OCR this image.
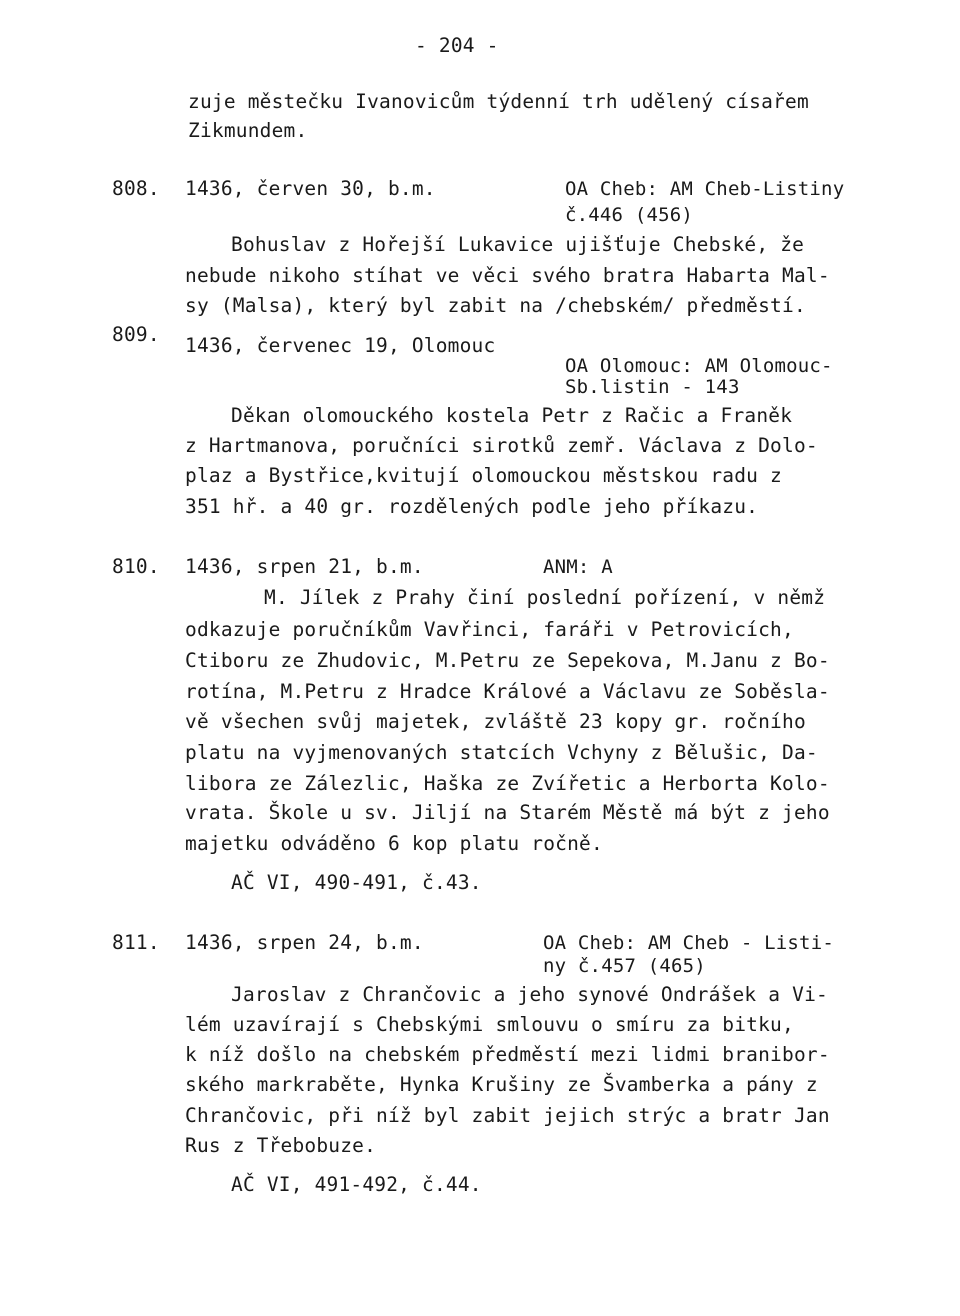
- 204 -
zuje městečku Ivanovicům týdenní trh udělený císařem
Zikmundem.
808. 1436, červen 30, b.m.	OA Cheb: AM Cheb-Listiny
č.446 (456)
Bohuslav z Hořejší Lukavice ujišťuje Chebské, že
nebude nikoho stíhat ve věci svého bratra Habarta Mal-
sy (Malsa), který byl zabit na /chebském/ předměstí.
809. 1436, červenec 19, Olomouc
OA Olomouc: AM Olomouc-
Sb.listin - 143
Děkan olomouckého kostela Petr z Račic a Franěk
z Hartmanova, poručníci sirotků zemř. Václava z Dolo-
plaz a Bystřice,kvitují olomouckou městskou radu z
351 hř. a 40 gr. rozdělených podle jeho příkazu.
810. 1436, srpen 21, b.m.	ANM: A
M. Jílek z Prahy činí poslední pořízení, v němž
odkazuje poručníkům Vavřinci, faráři v Petrovicích,
Ctiboru ze Zhudovic, M.Petru ze Sepekova, M.Janu z Bo-
rotína, M.Petru z Hradce Králové a Václavu ze Soběsla-
vě všechen svůj majetek, zvláště 23 kopy gr. ročního
platu na vyjmenovaných statcích Vchyny z Bělušic, Da-
libora ze Zálezlic, Haška ze Zvířetic a Herborta Kolo-
vrata. Škole u sv. Jiljí na Starém Městě má být z jeho
majetku odváděno 6 kop platu ročně.
AČ VI, 490-491, č.43.
811. 1436, srpen 24, b.m.	OA Cheb: AM Cheb - Listi-
ny č.457 (465)
Jaroslav z Chrančovic a jeho synové Ondrášek a Vi-
lém uzavírají s Chebskými smlouvu o smíru za bitku,
k níž došlo na chebském předměstí mezi lidmi branibor-
ského markraběte, Hynka Krušiny ze Švamberka a pány z
Chrančovic, při níž byl zabit jejich strýc a bratr Jan
Rus z Třebobuze.
AČ VI, 491-492, č.44.
